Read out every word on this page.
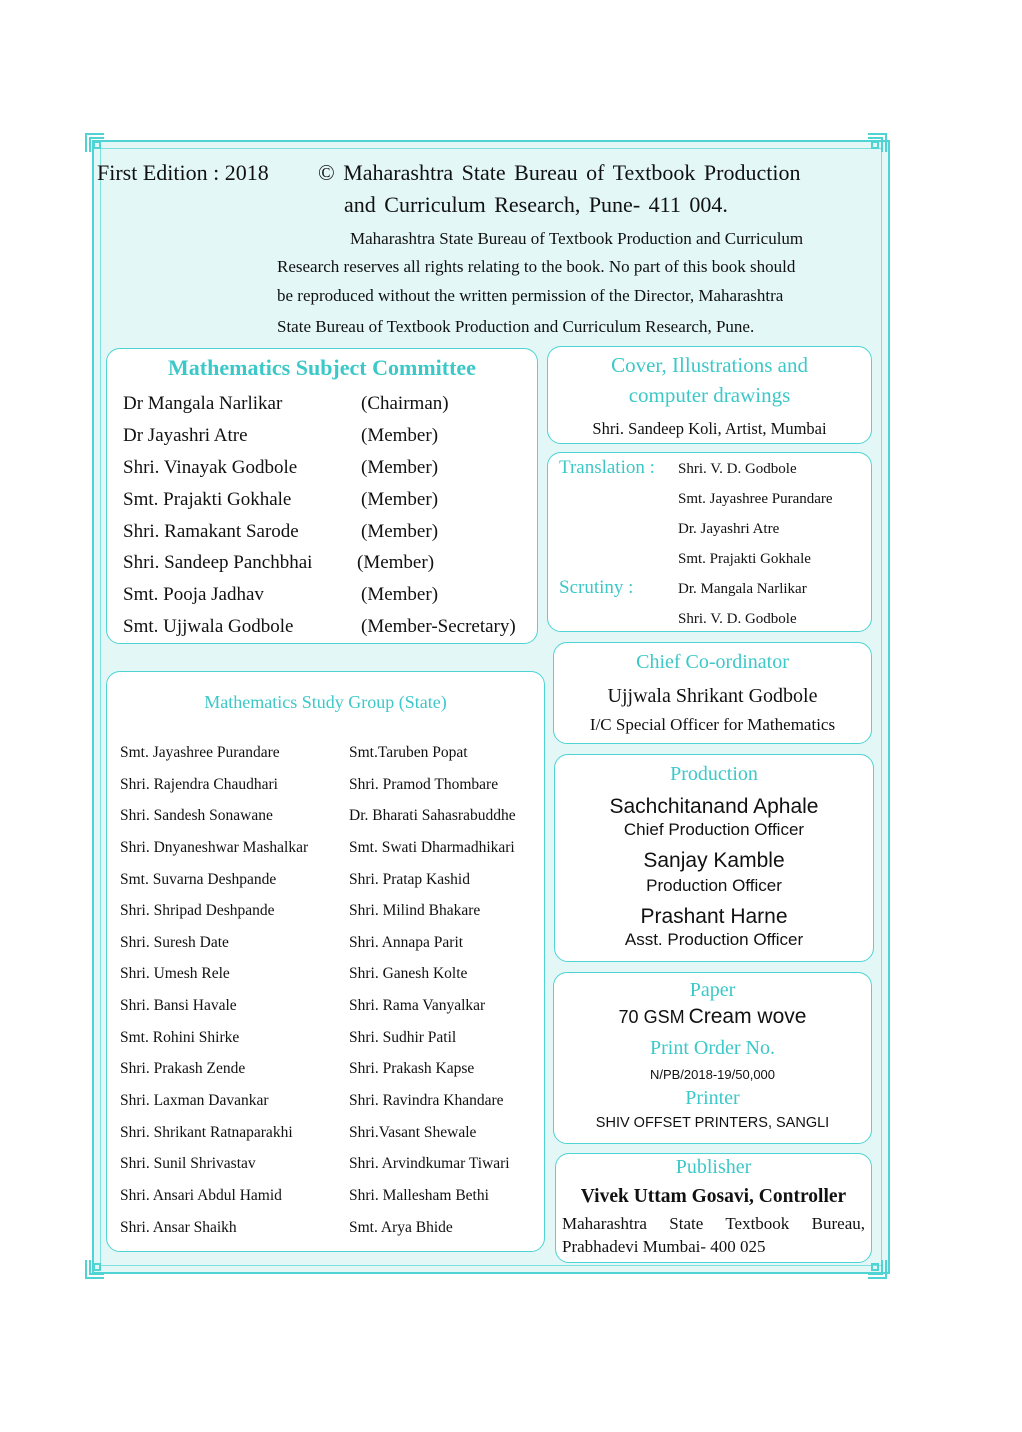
First Edition : 2018 © Maharashtra State Bureau of Textbook Production
and Curriculum Research, Pune- 411 004.
Maharashtra State Bureau of Textbook Production and Curriculum
Research reserves all rights relating to the book. No part of this book should
be reproduced without the written permission of the Director, Maharashtra
State Bureau of Textbook Production and Curriculum Research, Pune.
Mathematics Subject Committee
Dr Mangala Narlikar	(Chairman)
Dr Jayashri Atre	(Member)
Shri. Vinayak Godbole	(Member)
Smt. Prajakti Gokhale	(Member)
Shri. Ramakant Sarode	(Member)
Shri. Sandeep Panchbhai (Member)
Smt. Pooja Jadhav	(Member)
Smt. Ujjwala Godbole	(Member-Secretary)
Cover, Illustrations and
computer drawings
Shri. Sandeep Koli, Artist, Mumbai
Translation : Shri. V. D. Godbole
Smt. Jayashree Purandare
Dr. Jayashri Atre
Smt. Prajakti Gokhale
Scrutiny :	Dr. Mangala Narlikar
Shri. V. D. Godbole
Chief Co-ordinator
Ujjwala Shrikant Godbole
I/C Special Officer for Mathematics
Mathematics Study Group (State)
Smt. Jayashree Purandare
Shri. Rajendra Chaudhari
Shri. Sandesh Sonawane
Shri. Dnyaneshwar Mashalkar
Smt. Suvarna Deshpande
Shri. Shripad Deshpande
Shri. Suresh Date
Shri. Umesh Rele
Shri. Bansi Havale
Smt. Rohini Shirke
Shri. Prakash Zende
Shri. Laxman Davankar
Shri. Shrikant Ratnaparakhi
Shri. Sunil Shrivastav
Shri. Ansari Abdul Hamid
Shri. Ansar Shaikh
Smt.Taruben Popat
Shri. Pramod Thombare
Dr. Bharati Sahasrabuddhe
Smt. Swati Dharmadhikari
Shri. Pratap Kashid
Shri. Milind Bhakare
Shri. Annapa Parit
Shri. Ganesh Kolte
Shri. Rama Vanyalkar
Shri. Sudhir Patil
Shri. Prakash Kapse
Shri. Ravindra Khandare
Shri.Vasant Shewale
Shri. Arvindkumar Tiwari
Shri. Mallesham Bethi
Smt. Arya Bhide
Production
Sachchitanand Aphale
Chief Production Officer
Sanjay Kamble
Production Officer
Prashant Harne
Asst. Production Officer
Paper
70 GSM Cream wove
Print Order No.
N/PB/2018-19/50,000
Printer
SHIV OFFSET PRINTERS, SANGLI
Publisher
Vivek Uttam Gosavi, Controller
Maharashtra State Textbook Bureau,
Prabhadevi Mumbai- 400 025
